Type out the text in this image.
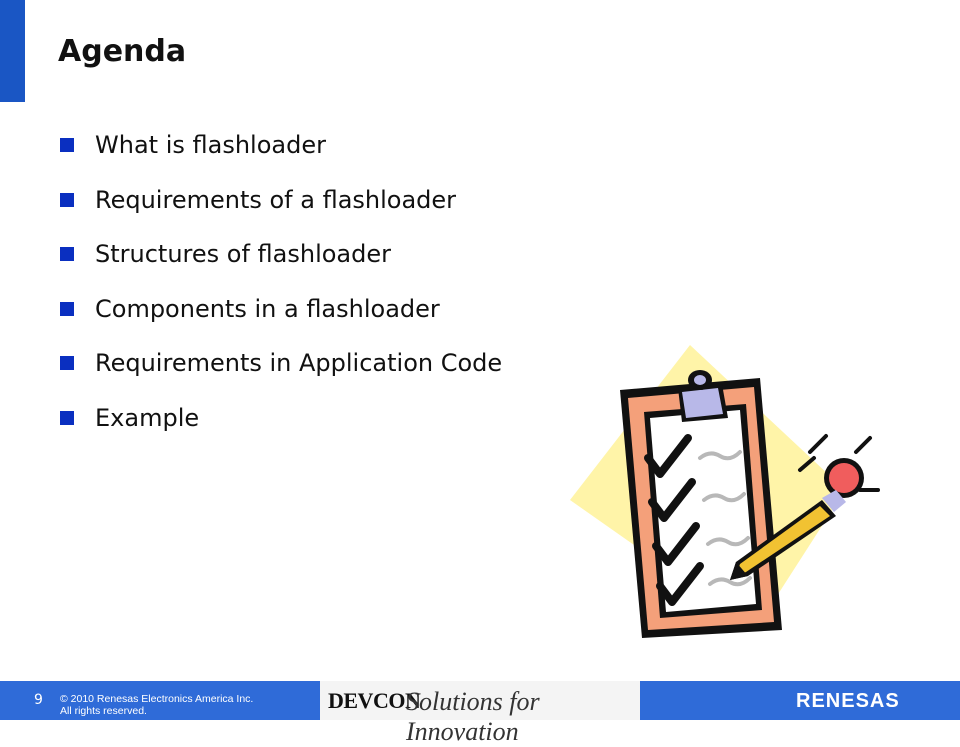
Agenda
What is flashloader
Requirements of a flashloader
Structures of flashloader
Components in a flashloader
Requirements in Application Code
Example
9 © 2010 Renesas Electronics America Inc.
All rights reserved.	DEVCON
Solutions for Innovation
RENESAS
